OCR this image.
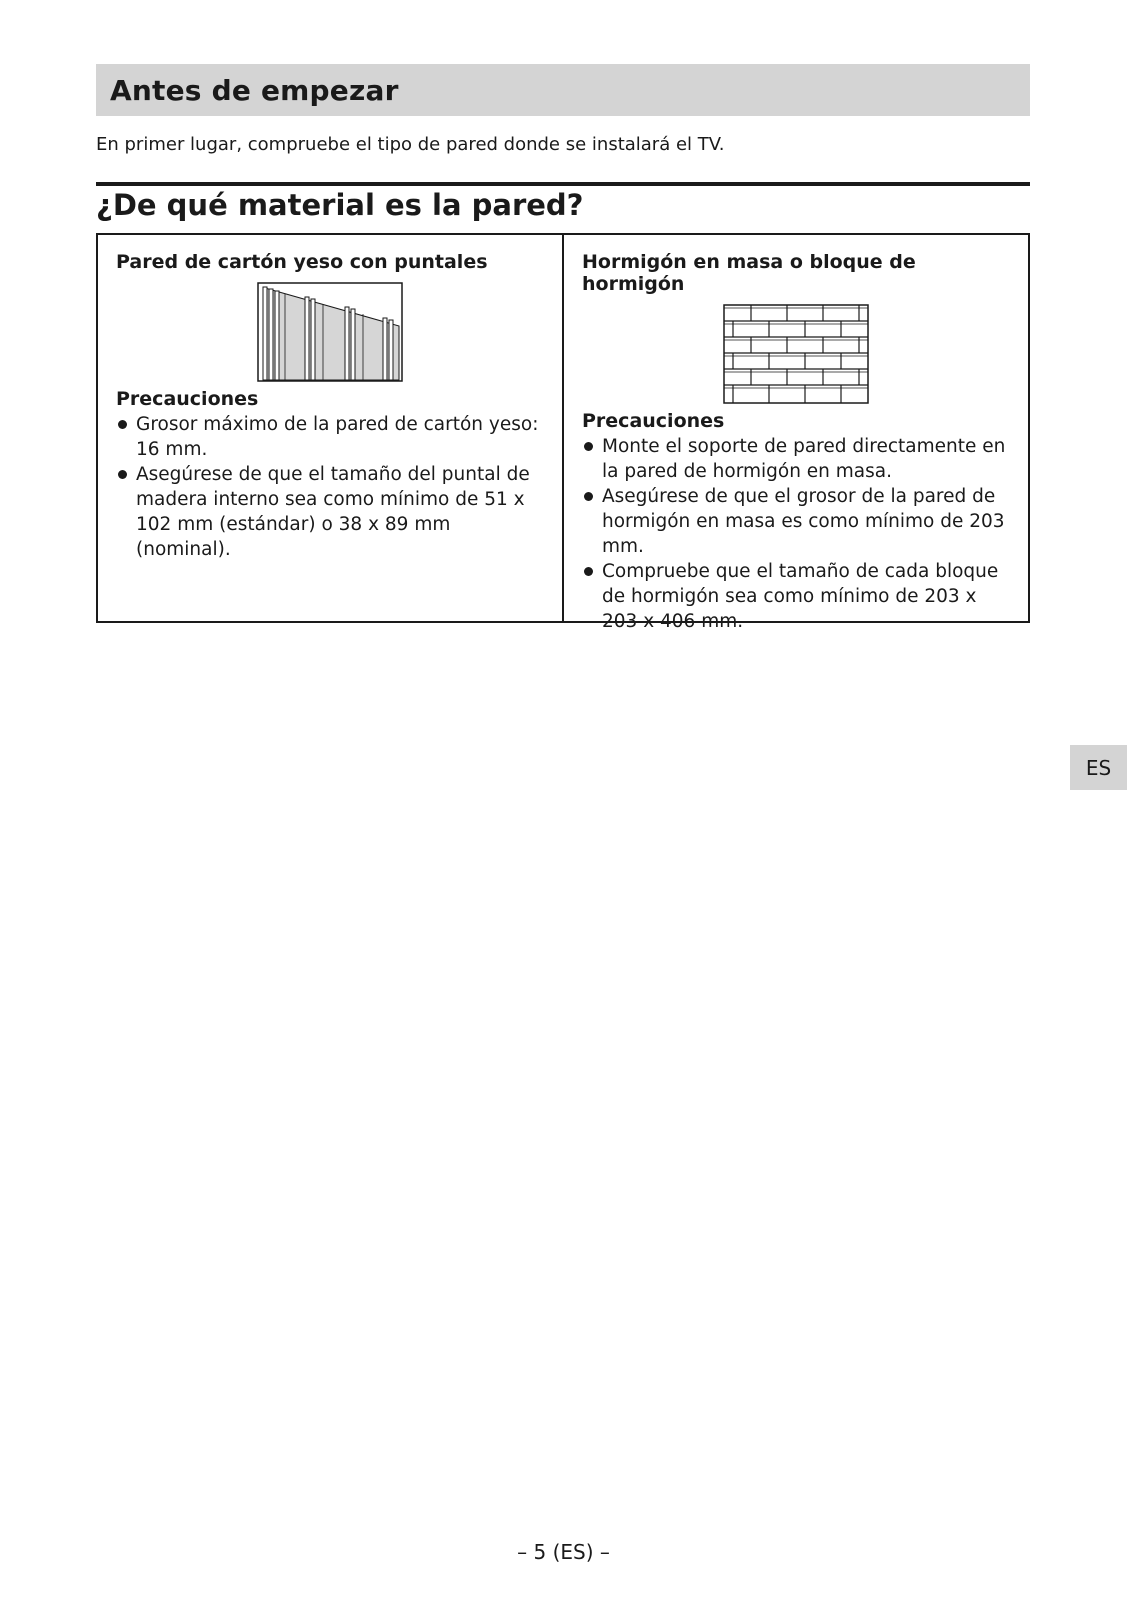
Antes de empezar

En primer lugar, compruebe el tipo de pared donde se instalará el TV.

¿De qué material es la pared?
Pared de cartón yeso con puntales
Precauciones
Grosor máximo de la pared de cartón yeso: 16 mm.
Asegúrese de que el tamaño del puntal de madera interno sea como mínimo de 51 x 102 mm (estándar) o 38 x 89 mm (nominal).
Hormigón en masa o bloque de hormigón
Precauciones
Monte el soporte de pared directamente en la pared de hormigón en masa.
Asegúrese de que el grosor de la pared de hormigón en masa es como mínimo de 203 mm.
Compruebe que el tamaño de cada bloque de hormigón sea como mínimo de 203 x 203 x 406 mm.
ES
– 5 (ES) –
